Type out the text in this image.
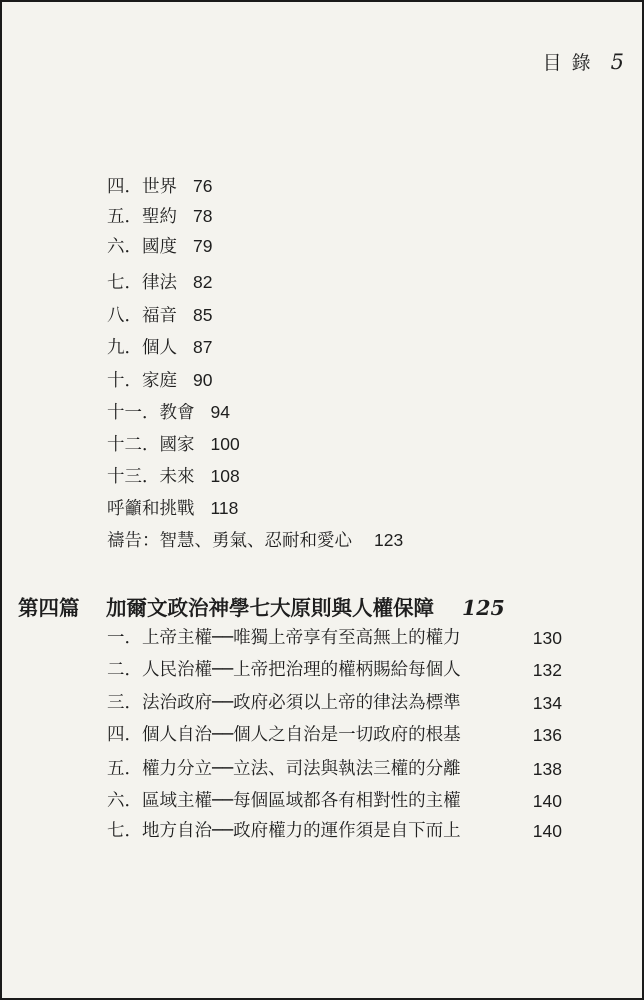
目 錄 5
四．世界 76
五．聖約 78
六．國度 79
七．律法 82
八．福音 85
九．個人 87
十．家庭 90
十一．教會 94
十二．國家 100
十三．未來 108
呼籲和挑戰 118
禱告：智慧、勇氣、忍耐和愛心 123
第四篇 加爾文政治神學七大原則與人權保障 125
一．上帝主權──唯獨上帝享有至高無上的權力	130
二．人民治權──上帝把治理的權柄賜給每個人	132
三．法治政府──政府必須以上帝的律法為標準	134
四．個人自治──個人之自治是一切政府的根基	136
五．權力分立──立法、司法與執法三權的分離	138
六．區域主權──每個區域都各有相對性的主權	140
七．地方自治──政府權力的運作須是自下而上	140
